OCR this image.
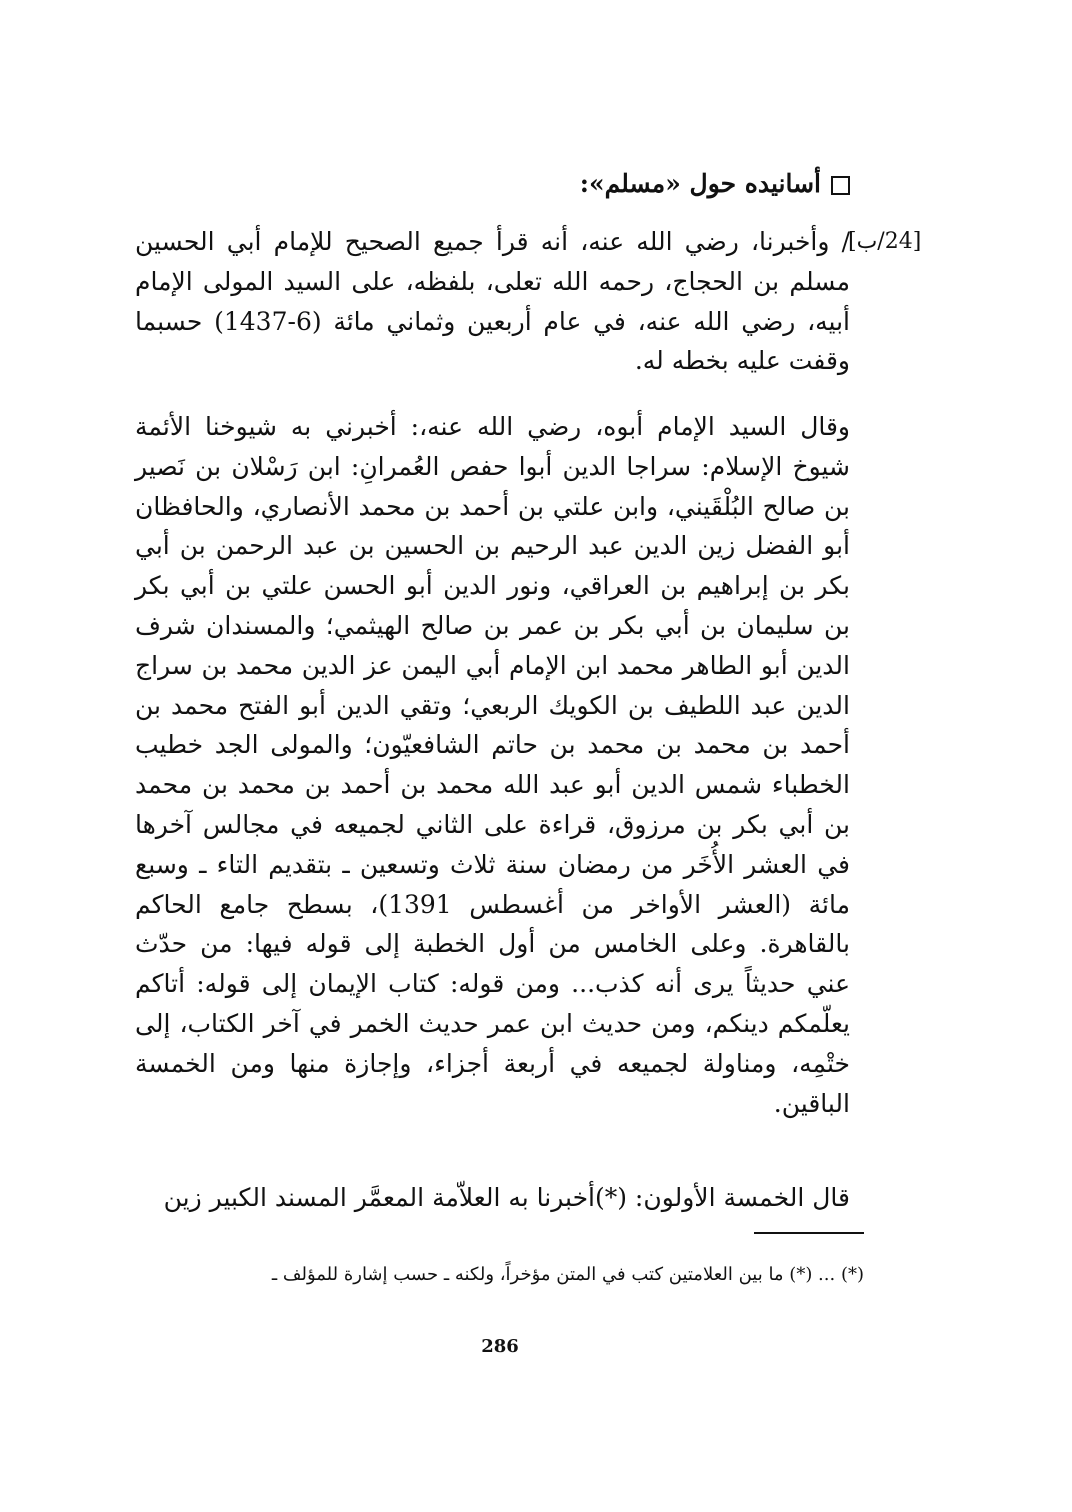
أسانيده حول «مسلم»:
[24/ب]
/ وأخبرنا، رضي الله عنه، أنه قرأ جميع الصحيح للإمام أبي الحسين مسلم بن الحجاج، رحمه الله تعلى، بلفظه، على السيد المولى الإمام أبيه، رضي الله عنه، في عام أربعين وثماني مائة (6-1437) حسبما وقفت عليه بخطه له.
وقال السيد الإمام أبوه، رضي الله عنه،: أخبرني به شيوخنا الأئمة شيوخ الإسلام: سراجا الدين أبوا حفص العُمرانِ: ابن رَسْلان بن نَصير بن صالح البُلْقَيني، وابن علتي بن أحمد بن محمد الأنصاري، والحافظان أبو الفضل زين الدين عبد الرحيم بن الحسين بن عبد الرحمن بن أبي بكر بن إبراهيم بن العراقي، ونور الدين أبو الحسن علتي بن أبي بكر بن سليمان بن أبي بكر بن عمر بن صالح الهيثمي؛ والمسندان شرف الدين أبو الطاهر محمد ابن الإمام أبي اليمن عز الدين محمد بن سراج الدين عبد اللطيف بن الكويك الربعي؛ وتقي الدين أبو الفتح محمد بن أحمد بن محمد بن محمد بن حاتم الشافعيّون؛ والمولى الجد خطيب الخطباء شمس الدين أبو عبد الله محمد بن أحمد بن محمد بن محمد بن أبي بكر بن مرزوق، قراءة على الثاني لجميعه في مجالس آخرها في العشر الأُخَر من رمضان سنة ثلاث وتسعين ـ بتقديم التاء ـ وسبع مائة (العشر الأواخر من أغسطس 1391)، بسطح جامع الحاكم بالقاهرة. وعلى الخامس من أول الخطبة إلى قوله فيها: من حدّث عني حديثاً يرى أنه كذب... ومن قوله: كتاب الإيمان إلى قوله: أتاكم يعلّمكم دينكم، ومن حديث ابن عمر حديث الخمر في آخر الكتاب، إلى ختْمِه، ومناولة لجميعه في أربعة أجزاء، وإجازة منها ومن الخمسة الباقين.
قال الخمسة الأولون: (*)أخبرنا به العلاّمة المعمَّر المسند الكبير زين
(*) ... (*) ما بين العلامتين كتب في المتن مؤخراً، ولكنه ـ حسب إشارة للمؤلف ـ
286
